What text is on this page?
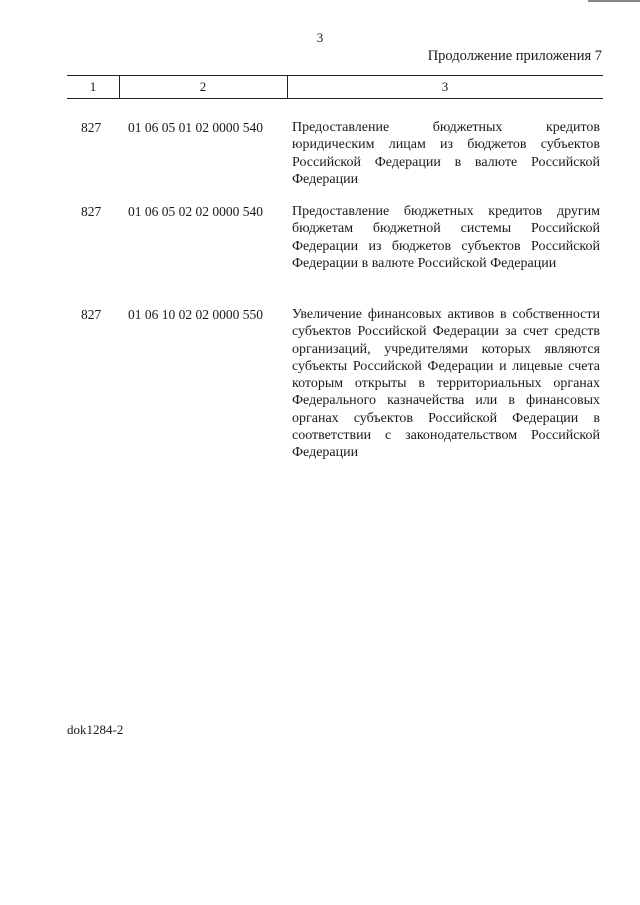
3
Продолжение приложения 7
1	2	3
827 01 06 05 01 02 0000 540 Предоставление бюджетных кредитов юридическим лицам из бюджетов субъектов Российской Федерации в валюте Российской Федерации
827 01 06 05 02 02 0000 540 Предоставление бюджетных кредитов другим бюджетам бюджетной системы Российской Федерации из бюджетов субъектов Российской Федерации в валюте Российской Федерации
827 01 06 10 02 02 0000 550 Увеличение финансовых активов в собственности субъектов Российской Федерации за счет средств организаций, учредителями которых являются субъекты Российской Федерации и лицевые счета которым открыты в территориальных органах Федерального казначейства или в финансовых органах субъектов Российской Федерации в соответствии с законодательством Российской Федерации
dok1284-2
